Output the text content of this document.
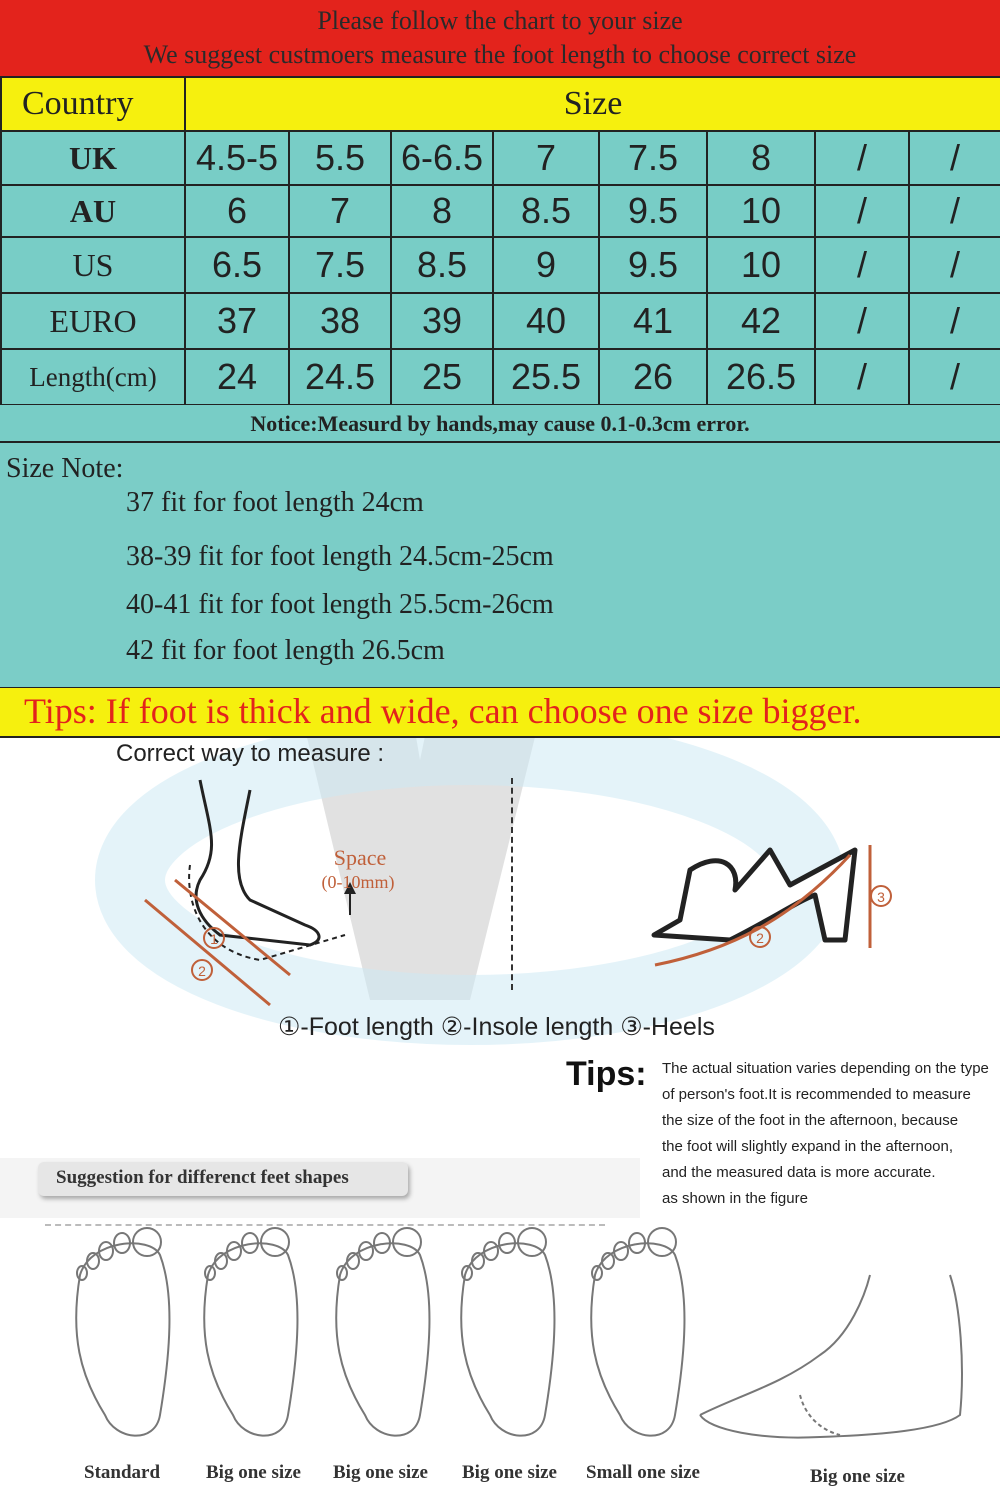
Please follow the chart to your size
We suggest custmoers measure the foot length to choose correct size
Country	Size							
UK	4.5-5	5.5	6-6.5	7	7.5	8	/	/
AU	6	7	8	8.5	9.5	10	/	/
US	6.5	7.5	8.5	9	9.5	10	/	/
EURO	37	38	39	40	41	42	/	/
Length(cm)	24	24.5	25	25.5	26	26.5	/	/
Notice:Measurd by hands,may cause 0.1-0.3cm error.
Size Note:
37 fit for foot length 24cm
38-39 fit for foot length 24.5cm-25cm
40-41 fit for foot length 25.5cm-26cm
42 fit for foot length 26.5cm
Tips: If foot is thick and wide, can choose one size bigger.
Correct way to measure :
1
2
Space
(0-10mm)
2
3
①-Foot length ②-Insole length ③-Heels
Tips: The actual situation varies depending on the type
of person's foot.It is recommended to measure
the size of the foot in the afternoon, because
the foot will slightly expand in the afternoon,
and the measured data is more accurate.
as shown in the figure
Suggestion for differenct feet shapes
Standard Big one size Big one size Big one size Small one size	Big one size
